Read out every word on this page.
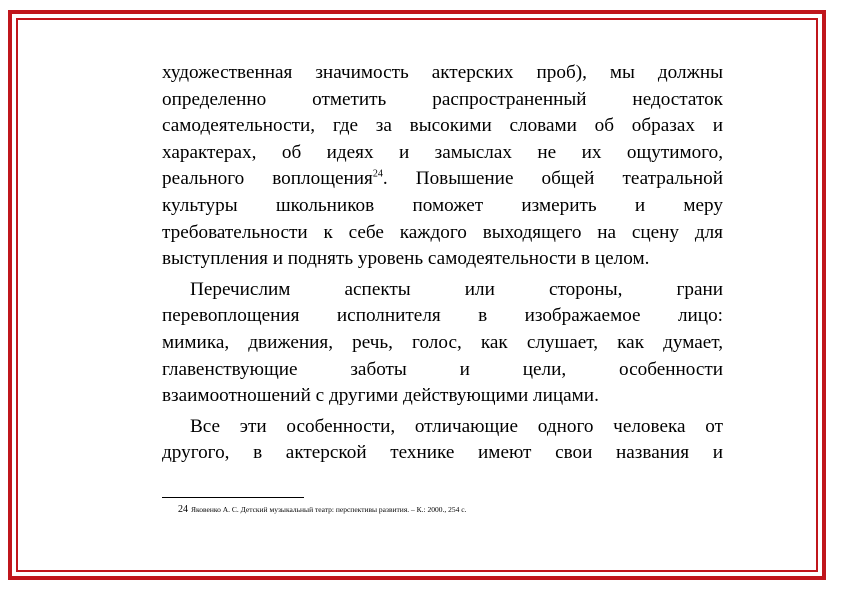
художественная значимость актерских проб), мы должны
определенно отметить распространенный недостаток
самодеятельности, где за высокими словами об образах и
характерах, об идеях и замыслах не их ощутимого,
реального воплощения$^{24}$. Повышение общей театральной
культуры школьников поможет измерить и меру
требовательности к себе каждого выходящего на сцену для
выступления и поднять уровень самодеятельности в целом.
Перечислим аспекты или стороны, грани
перевоплощения исполнителя в изображаемое лицо:
мимика, движения, речь, голос, как слушает, как думает,
главенствующие заботы и цели, особенности
взаимоотношений с другими действующими лицами.
Все эти особенности, отличающие одного человека от
другого, в актерской технике имеют свои названия и
24 Яковенко А. С. Детский музыкальный театр: перспективы развития. – К.: 2000., 254 с.
